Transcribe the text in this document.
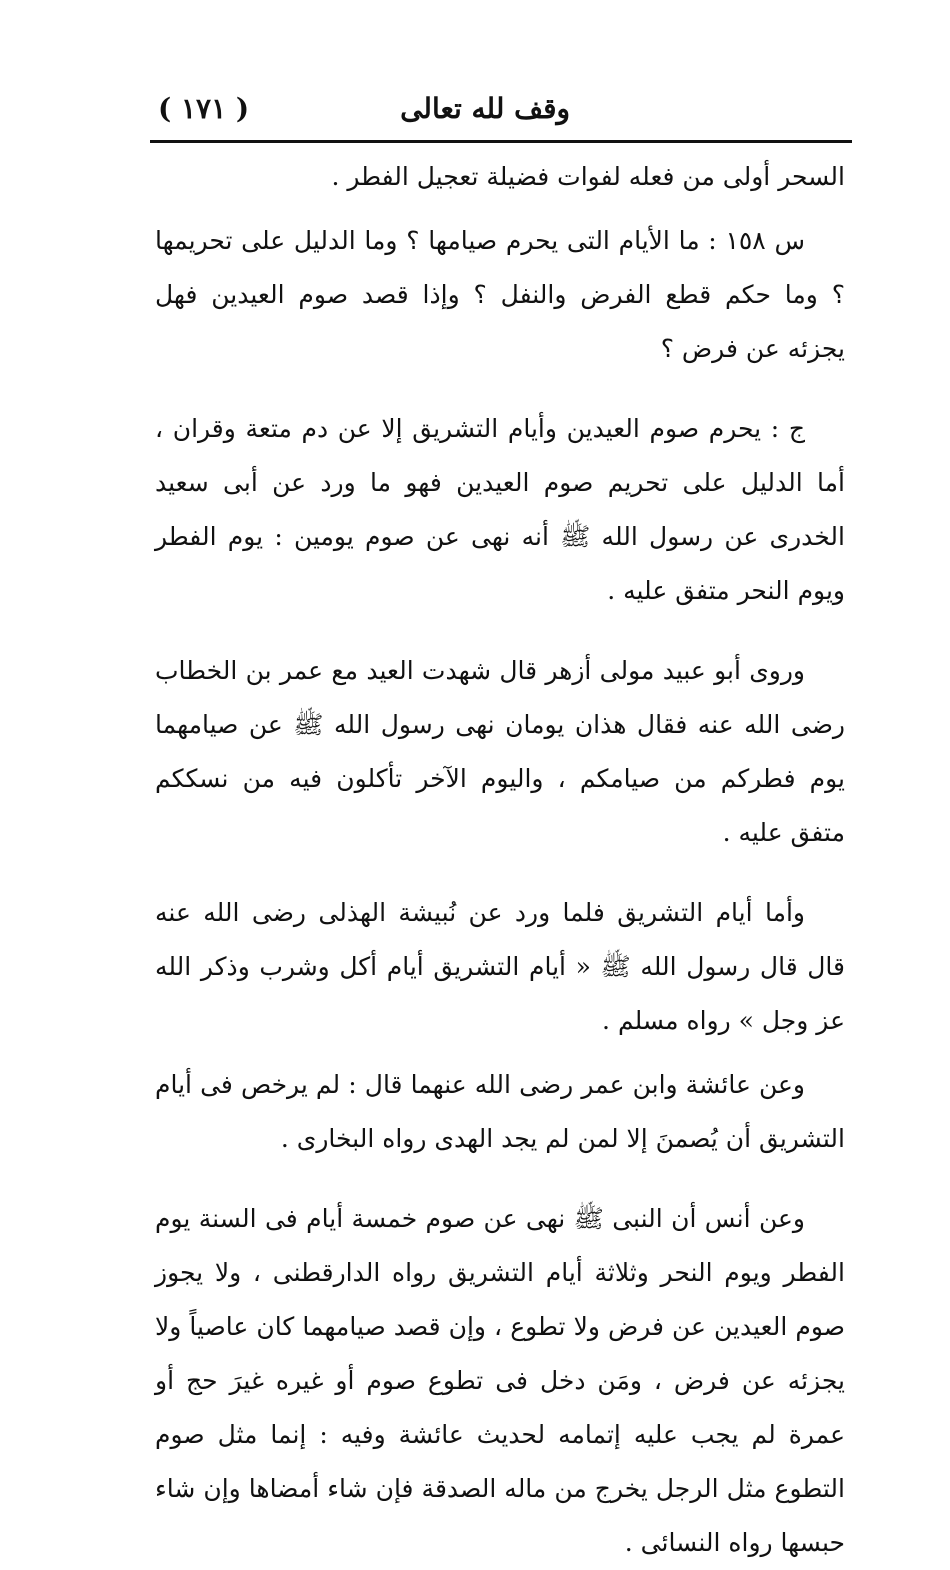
وقف لله تعالى
( ١٧١ )

السحر أولى من فعله لفوات فضيلة تعجيل الفطر .

س ١٥٨ : ما الأيام التى يحرم صيامها ؟ وما الدليل على تحريمها ؟ وما حكم قطع الفرض والنفل ؟ وإذا قصد صوم العيدين فهل يجزئه عن فرض ؟

ج : يحرم صوم العيدين وأيام التشريق إلا عن دم متعة وقران ، أما الدليل على تحريم صوم العيدين فهو ما ورد عن أبى سعيد الخدرى عن رسول الله ﷺ أنه نهى عن صوم يومين : يوم الفطر ويوم النحر متفق عليه .

وروى أبو عبيد مولى أزهر قال شهدت العيد مع عمر بن الخطاب رضى الله عنه فقال هذان يومان نهى رسول الله ﷺ عن صيامهما يوم فطركم من صيامكم ، واليوم الآخر تأكلون فيه من نسككم متفق عليه .

وأما أيام التشريق فلما ورد عن نُبيشة الهذلى رضى الله عنه قال قال رسول الله ﷺ « أيام التشريق أيام أكل وشرب وذكر الله عز وجل » رواه مسلم .

وعن عائشة وابن عمر رضى الله عنهما قال : لم يرخص فى أيام التشريق أن يُصمنَ إلا لمن لم يجد الهدى رواه البخارى .

وعن أنس أن النبى ﷺ نهى عن صوم خمسة أيام فى السنة يوم الفطر ويوم النحر وثلاثة أيام التشريق رواه الدارقطنى ، ولا يجوز صوم العيدين عن فرض ولا تطوع ، وإن قصد صيامهما كان عاصياً ولا يجزئه عن فرض ، ومَن دخل فى تطوع صوم أو غيره غيرَ حج أو عمرة لم يجب عليه إتمامه لحديث عائشة وفيه : إنما مثل صوم التطوع مثل الرجل يخرج من ماله الصدقة فإن شاء أمضاها وإن شاء حبسها رواه النسائى .
